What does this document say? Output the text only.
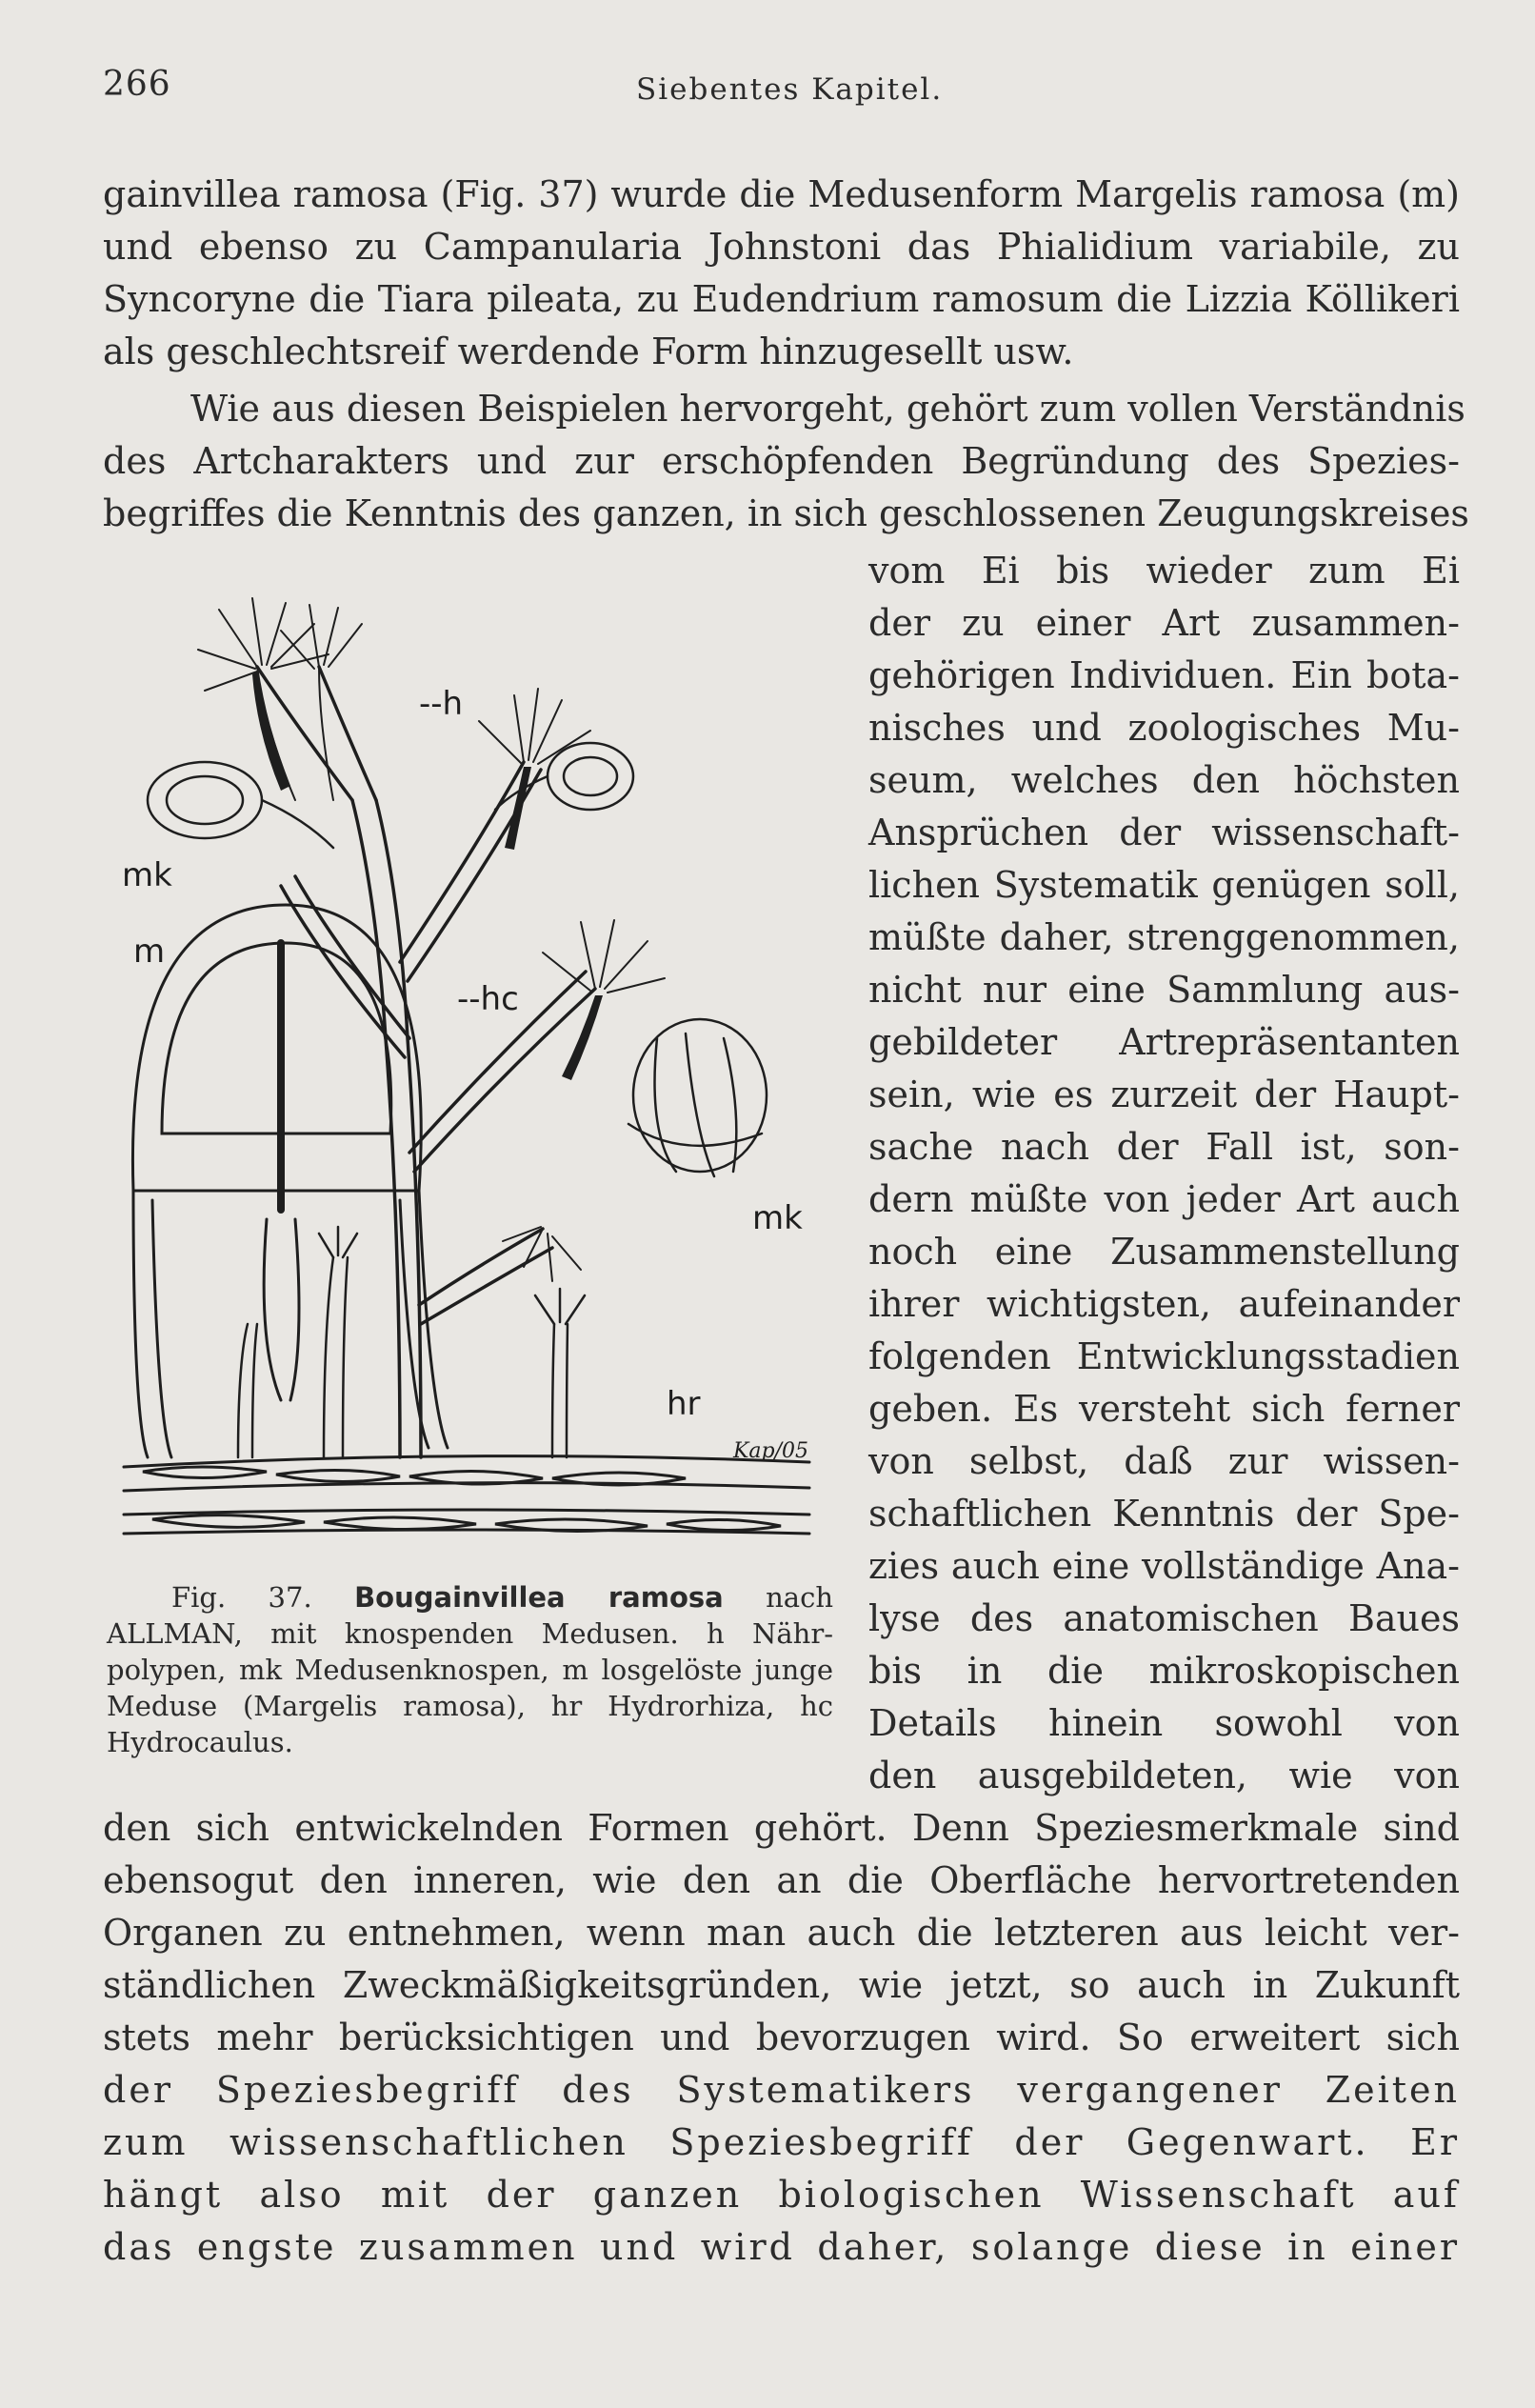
266	Siebentes Kapitel.
gainvillea ramosa (Fig. 37) wurde die Medusenform Margelis ramosa (m)
und ebenso zu Campanularia Johnstoni das Phialidium variabile, zu
Syncoryne die Tiara pileata, zu Eudendrium ramosum die Lizzia Köllikeri
als geschlechtsreif werdende Form hinzugesellt usw.
Wie aus diesen Beispielen hervorgeht, gehört zum vollen Verständnis
des Artcharakters und zur erschöpfenden Begründung des Spezies-
begriffes die Kenntnis des ganzen, in sich geschlossenen Zeugungskreises
vom Ei bis wieder zum Ei
der zu einer Art zusammen-
gehörigen Individuen. Ein bota-
nisches und zoologisches Mu-
seum, welches den höchsten
Ansprüchen der wissenschaft-
lichen Systematik genügen soll,
müßte daher, strenggenommen,
nicht nur eine Sammlung aus-
gebildeter Artrepräsentanten
sein, wie es zurzeit der Haupt-
sache nach der Fall ist, son-
dern müßte von jeder Art auch
noch eine Zusammenstellung
ihrer wichtigsten, aufeinander
folgenden Entwicklungsstadien
geben. Es versteht sich ferner
von selbst, daß zur wissen-
schaftlichen Kenntnis der Spe-
zies auch eine vollständige Ana-
lyse des anatomischen Baues
bis in die mikroskopischen
Details hinein sowohl von
den ausgebildeten, wie von
den sich entwickelnden Formen gehört. Denn Speziesmerkmale sind
ebensogut den inneren, wie den an die Oberfläche hervortretenden
Organen zu entnehmen, wenn man auch die letzteren aus leicht ver-
ständlichen Zweckmäßigkeitsgründen, wie jetzt, so auch in Zukunft
stets mehr berücksichtigen und bevorzugen wird. So erweitert sich
der Speziesbegriff des Systematikers vergangener Zeiten
zum wissenschaftlichen Speziesbegriff der Gegenwart. Er
hängt also mit der ganzen biologischen Wissenschaft auf
das engste zusammen und wird daher, solange diese in einer
--h
mk
m
--hc
mk
hr
Kap/05
Fig. 37. Bougainvillea ramosa nach
ALLMAN, mit knospenden Medusen. h Nähr-
polypen, mk Medusenknospen, m losgelöste junge
Meduse (Margelis ramosa), hr Hydrorhiza, hc
Hydrocaulus.
